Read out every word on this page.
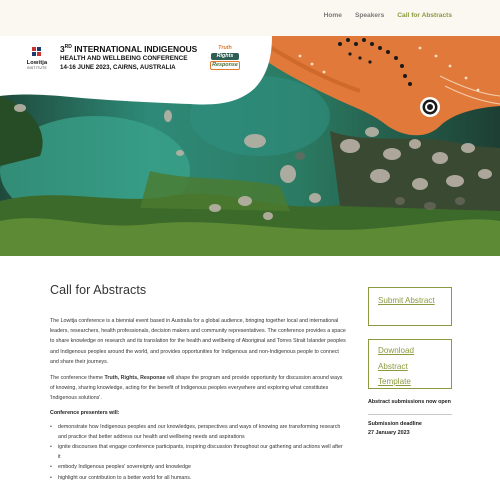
Home Speakers Call for Abstracts
Lowitja
INSTITUTE
3RD INTERNATIONAL INDIGENOUS
HEALTH AND WELLBEING CONFERENCE
14-16 JUNE 2023, CAIRNS, AUSTRALIA
Truth
Rights
Response
Call for Abstracts

The Lowitja conference is a biennial event based in Australia for a global audience, bringing together local and international leaders, researchers, health professionals, decision makers and community representatives. The conference provides a space to share knowledge on research and its translation for the health and wellbeing of Aboriginal and Torres Strait Islander peoples and Indigenous peoples around the world, and provides opportunities for Indigenous and non-Indigenous people to connect and share their journeys.

The conference theme Truth, Rights, Response will shape the program and provide opportunity for discussion around ways of knowing, sharing knowledge, acting for the benefit of Indigenous peoples everywhere and exploring what constitutes 'Indigenous solutions'.

Conference presenters will:

• demonstrate how Indigenous peoples and our knowledges, perspectives and ways of knowing are transforming research and practice that better address our health and wellbeing needs and aspirations
• ignite discourses that engage conference participants, inspiring discussion throughout our gathering and actions well after it
• embody Indigenous peoples' sovereignty and knowledge
• highlight our contribution to a better world for all humans.
Submit Abstract
Download Abstract Template

Abstract submissions now open

Submission deadline
27 January 2023
